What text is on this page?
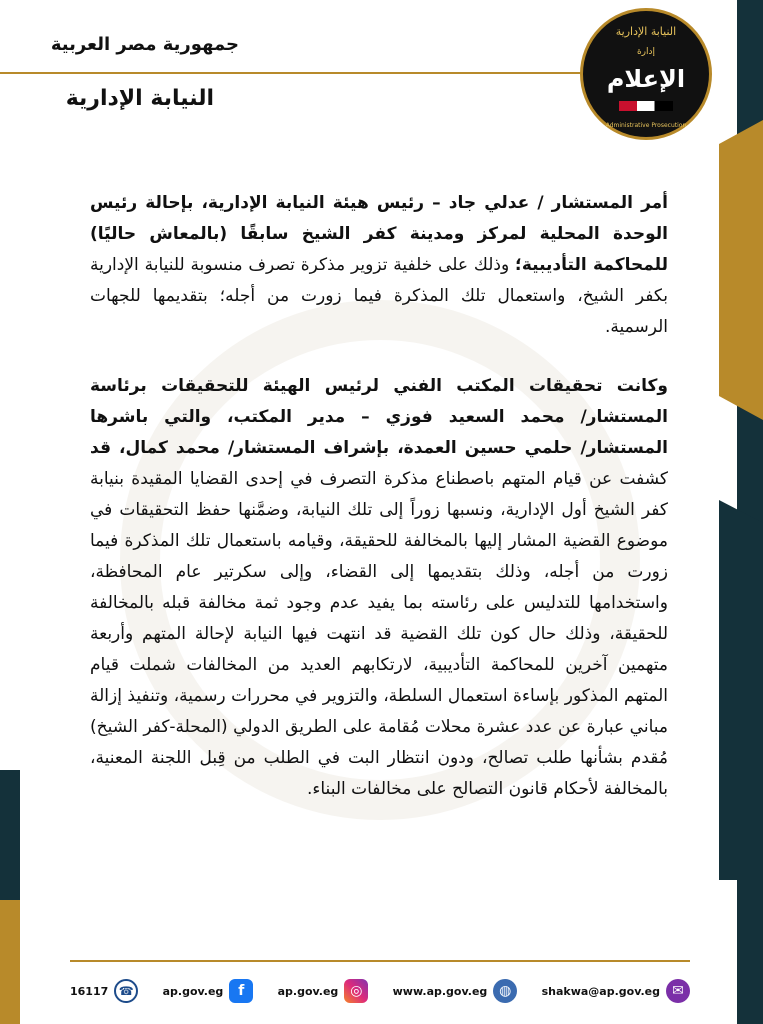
جمهورية مصر العربية
النيابة الإدارية
النيابة الإدارية
إدارة
الإعلام
Administrative Prosecution

أمر المستشار / عدلي جاد – رئيس هيئة النيابة الإدارية، بإحالة رئيس الوحدة المحلية لمركز ومدينة كفر الشيخ سابقًا (بالمعاش حاليًا) للمحاكمة التأديبية؛ وذلك على خلفية تزوير مذكرة تصرف منسوبة للنيابة الإدارية بكفر الشيخ، واستعمال تلك المذكرة فيما زورت من أجله؛ بتقديمها للجهات الرسمية.

وكانت تحقيقات المكتب الفني لرئيس الهيئة للتحقيقات برئاسة المستشار/ محمد السعيد فوزي – مدير المكتب، والتي باشرها المستشار/ حلمي حسين العمدة، بإشراف المستشار/ محمد كمال، قد كشفت عن قيام المتهم باصطناع مذكرة التصرف في إحدى القضايا المقيدة بنيابة كفر الشيخ أول الإدارية، ونسبها زوراً إلى تلك النيابة، وضمَّنها حفظ التحقيقات في موضوع القضية المشار إليها بالمخالفة للحقيقة، وقيامه باستعمال تلك المذكرة فيما زورت من أجله، وذلك بتقديمها إلى القضاء، وإلى سكرتير عام المحافظة، واستخدامها للتدليس على رئاسته بما يفيد عدم وجود ثمة مخالفة قبله بالمخالفة للحقيقة، وذلك حال كون تلك القضية قد انتهت فيها النيابة لإحالة المتهم وأربعة متهمين آخرين للمحاكمة التأديبية، لارتكابهم العديد من المخالفات شملت قيام المتهم المذكور بإساءة استعمال السلطة، والتزوير في محررات رسمية، وتنفيذ إزالة مباني عبارة عن عدد عشرة محلات مُقامة على الطريق الدولي (المحلة-كفر الشيخ) مُقدم بشأنها طلب تصالح، ودون انتظار البت في الطلب من قِبل اللجنة المعنية، بالمخالفة لأحكام قانون التصالح على مخالفات البناء.

16117 ☎	ap.gov.eg	f	ap.gov.eg ◎	www.ap.gov.eg ◍	shakwa@ap.gov.eg ✉
